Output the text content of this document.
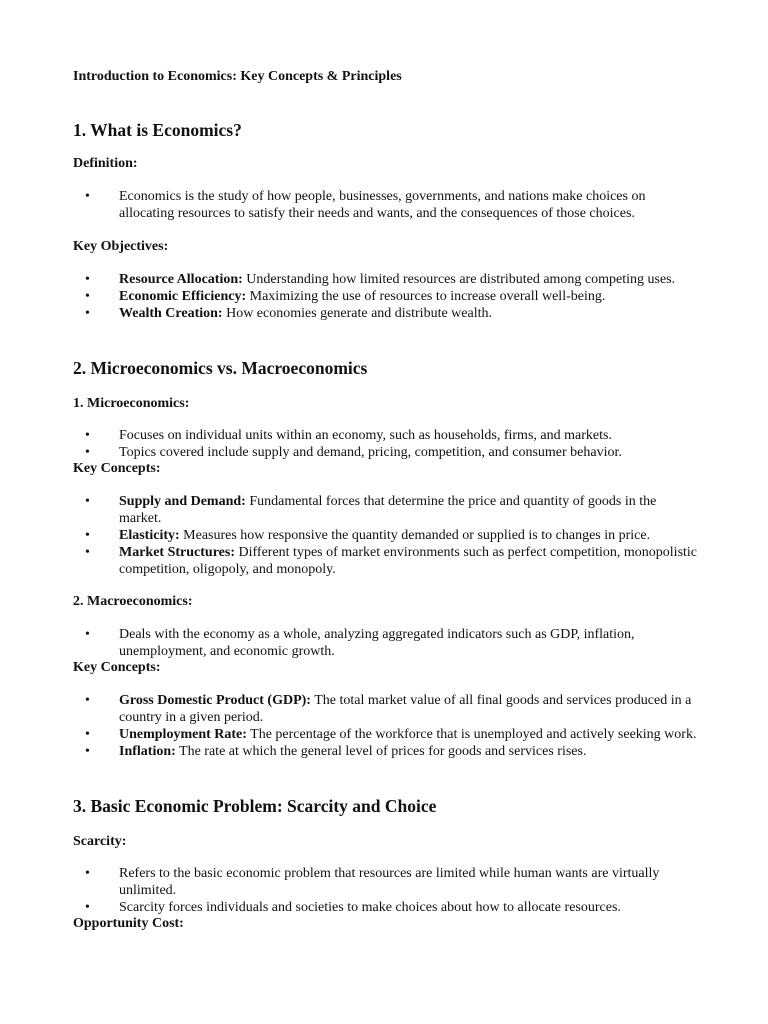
Introduction to Economics: Key Concepts & Principles
1. What is Economics?
Definition:
• Economics is the study of how people, businesses, governments, and nations make choices on allocating resources to satisfy their needs and wants, and the consequences of those choices.
Key Objectives:
• Resource Allocation: Understanding how limited resources are distributed among competing uses.
• Economic Efficiency: Maximizing the use of resources to increase overall well-being.
• Wealth Creation: How economies generate and distribute wealth.
2. Microeconomics vs. Macroeconomics
1. Microeconomics:
• Focuses on individual units within an economy, such as households, firms, and markets.
• Topics covered include supply and demand, pricing, competition, and consumer behavior.
Key Concepts:
• Supply and Demand: Fundamental forces that determine the price and quantity of goods in the market.
• Elasticity: Measures how responsive the quantity demanded or supplied is to changes in price.
• Market Structures: Different types of market environments such as perfect competition, monopolistic competition, oligopoly, and monopoly.
2. Macroeconomics:
• Deals with the economy as a whole, analyzing aggregated indicators such as GDP, inflation, unemployment, and economic growth.
Key Concepts:
• Gross Domestic Product (GDP): The total market value of all final goods and services produced in a country in a given period.
• Unemployment Rate: The percentage of the workforce that is unemployed and actively seeking work.
• Inflation: The rate at which the general level of prices for goods and services rises.
3. Basic Economic Problem: Scarcity and Choice
Scarcity:
• Refers to the basic economic problem that resources are limited while human wants are virtually unlimited.
• Scarcity forces individuals and societies to make choices about how to allocate resources.
Opportunity Cost:
